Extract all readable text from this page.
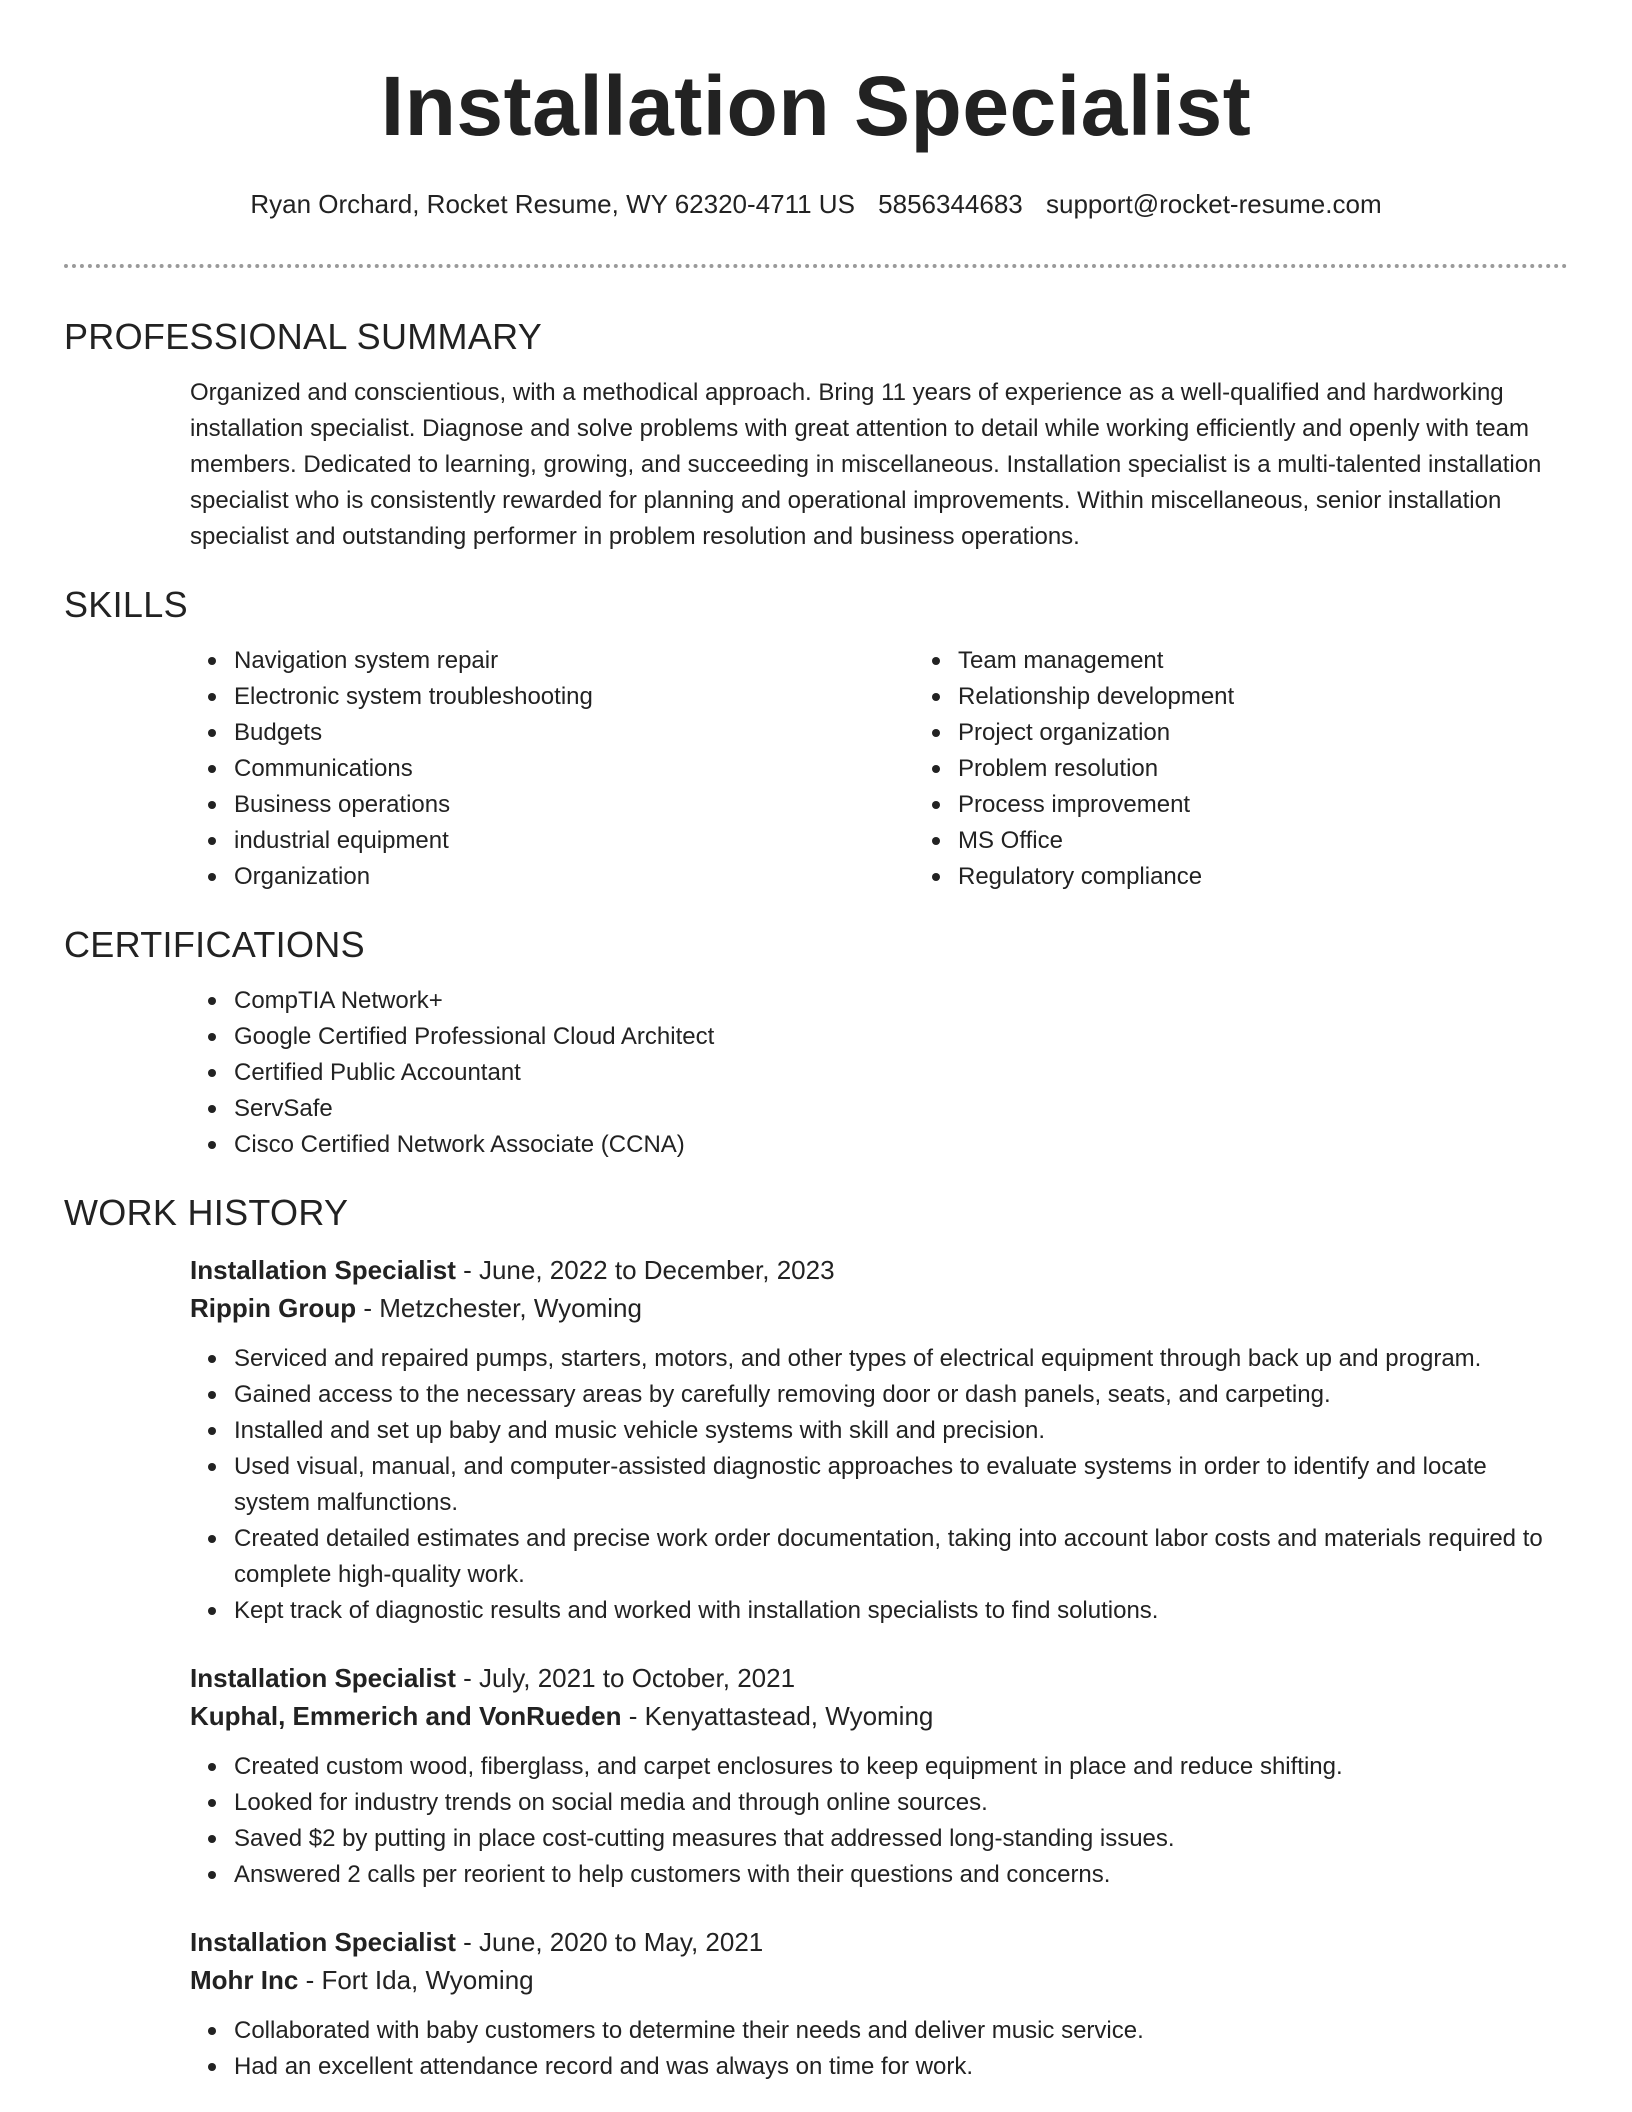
Installation Specialist
Ryan Orchard, Rocket Resume, WY 62320-4711 US 5856344683 support@rocket-resume.com
PROFESSIONAL SUMMARY

Organized and conscientious, with a methodical approach. Bring 11 years of experience as a well-qualified and hardworking installation specialist. Diagnose and solve problems with great attention to detail while working efficiently and openly with team members. Dedicated to learning, growing, and succeeding in miscellaneous. Installation specialist is a multi-talented installation specialist who is consistently rewarded for planning and operational improvements. Within miscellaneous, senior installation specialist and outstanding performer in problem resolution and business operations.

SKILLS
Navigation system repair
Electronic system troubleshooting
Budgets
Communications
Business operations
industrial equipment
Organization
Team management
Relationship development
Project organization
Problem resolution
Process improvement
MS Office
Regulatory compliance
CERTIFICATIONS
CompTIA Network+
Google Certified Professional Cloud Architect
Certified Public Accountant
ServSafe
Cisco Certified Network Associate (CCNA)
WORK HISTORY
Installation Specialist - June, 2022 to December, 2023
Rippin Group - Metzchester, Wyoming
Serviced and repaired pumps, starters, motors, and other types of electrical equipment through back up and program.
Gained access to the necessary areas by carefully removing door or dash panels, seats, and carpeting.
Installed and set up baby and music vehicle systems with skill and precision.
Used visual, manual, and computer-assisted diagnostic approaches to evaluate systems in order to identify and locate system malfunctions.
Created detailed estimates and precise work order documentation, taking into account labor costs and materials required to complete high-quality work.
Kept track of diagnostic results and worked with installation specialists to find solutions.
Installation Specialist - July, 2021 to October, 2021
Kuphal, Emmerich and VonRueden - Kenyattastead, Wyoming
Created custom wood, fiberglass, and carpet enclosures to keep equipment in place and reduce shifting.
Looked for industry trends on social media and through online sources.
Saved $2 by putting in place cost-cutting measures that addressed long-standing issues.
Answered 2 calls per reorient to help customers with their questions and concerns.
Installation Specialist - June, 2020 to May, 2021
Mohr Inc - Fort Ida, Wyoming
Collaborated with baby customers to determine their needs and deliver music service.
Had an excellent attendance record and was always on time for work.
